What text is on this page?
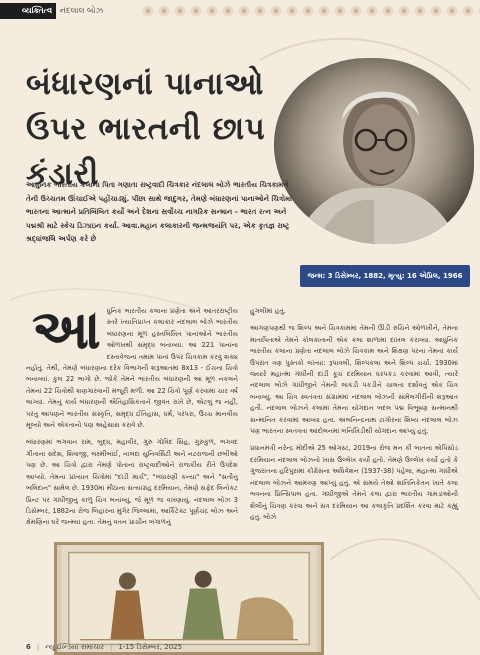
વ્યક્તિત્વ નંદલાલ બોઝ
બંધારણનાં પાનાઓ
ઉપર ભારતની છાપ
કંડારી
જન્મ: 3 ડિસેમ્બર, 1882, મૃત્યુ: 16 એપ્રિલ, 1966

આધુનિક ભારતીય કલાના પિતા ગણાતા રાષ્ટ્રવાદી ચિત્રકાર નંદલાલ બોઝે ભારતીય ચિત્રકામને તેની ઉચ્ચતમ ઊંચાઈએ પહોંચાડ્યું. પીંછા સાથે જાદુગર, તેમણે બંધારણનાં પાનાઓને ચિત્રોમાં ભારતના આત્માને પ્રતિબિંબિત કર્યો અને દેશના સર્વોચ્ચ નાગરિક સન્માન - ભારત રત્ન અને પદ્મશ્રી માટે સ્કેચ ડિઝાઇન કર્યા. આવા.મહાન કલાકારની જન્મજયંતિ પર, એક કૃતજ્ઞ રાષ્ટ્ર શ્રદ્ધાંજલિ અર્પણ કરે છે

આ ધુનિક ભારતીય કલાના પ્રણેતા અને આંતરરાષ્ટ્રીય સ્તરે ખ્યાતિપ્રાપ્ત કલાકાર નંદલાલ બોઝે ભારતીય બંધારણના મૂળ હસ્તલિખિત પાનાંઓને ભારતીય ઓળખથી સમૃદ્ધ બનાવ્યા. આ 221 પાનાંના દસ્તાવેજના તમામ પાનાં ઉપર ચિત્રકામ કરવું શક્ય નહોતું. તેથી, તેમણે બંધારણના દરેક વિભાગની શરૂઆતમાં 8x13 - ઈંચના ચિત્રો બનાવ્યાં. કુલ 22 ભાગો છે. જોકે તેમને ભારતીય બંધારણની આ મૂળ નકલને તેમનાં 22 ચિત્રોથી શણગારવાની મંજૂરી મળી. આ 22 ચિત્રો પૂર્ણ કરવામાં ચાર વર્ષ લાગ્યાં. તેમનું કાર્ય બંધારણની ઐતિહાસિકતાને જીવંત રાખે છે, એટલું જ નહીં, પરંતુ આપણને ભારતીય સંસ્કૃતિ, સમૃદ્ધ ઈતિહાસ, ધર્મ, પરંપરા, ઉચ્ચ માનવીય મૂલ્યો અને એકતાનો પણ અહેસાસ કરાવે છે.

બંધારણમાં ભગવાન રામ, બુદ્ધ, મહાવીર, ગુરુ ગોવિંદ સિંહ, ગુરુકુળ, ભગવદ ગીતાના સંદેશ, શિવાજી, લક્ષ્મીબાઈ, નાલંદા યુનિવર્સિટી અને નટરાજની છબીઓ પણ છે. આ ચિત્રો દ્વારા તેમણે પોતાના રાષ્ટ્રવાદીઓને રાજકીય રીતે ઉપદેશ આપ્યો. તેમના પ્રખ્યાત ચિત્રોમાં "દાંડી માર્ચ", "બંધારણી કન્યા" અને "સતીનું બલિદાન" સામેલ છે. 1930માં મીઠાના સત્યાગ્રહ દરમિયાન, તેમણે સફેદ લિનોકટ પ્રિન્ટ પર ગાંધીજીનું કાળું ચિત્ર બનાવ્યું, જે મૂળ જ વખણાયું. નંદલાલ બોઝ 3 ડિસેમ્બર, 1882ના રોજ બિહારના મુંગેર જિલ્લામાં, આર્કિટેક્ટ પૂર્ણચંદ્ર બોઝ અને ક્ષેમણિના ઘરે જન્મ્યા હતા. તેમનું વતન પ્રાચીન બંગાળનું

હુગલીમાં હતું.

આગણપણથી જ શિલ્પ અને ચિત્રકામમાં તેમની ઊંડી રુચિને ઓળખીને, તેમના માતાપિતાએ તેમને કોલકાતાની એક કલા શાળામાં દાખલ કરાવ્યા. આધુનિક ભારતીય કલાના પ્રણેતા નંદલાલ બોઝે ચિત્રકામ અને શિક્ષણ પરના તેમનાં કાર્ય ઉપરાંત ત્રણ પુસ્તકો લખ્યાં: રૂપાવલી, શિલ્પકલા અને શિલ્પ ચર્ચા. 1930માં જ્યારે મહાત્મા ગાંધીની દાંડી કૂચ દરમિયાન ધરપકડ કરવામાં આવી, ત્યારે નંદલાલ બોઝે ગાંધીજીને તેમની લાકડી પકડીને ચાલતા દર્શાવતું એક ચિત્ર બનાવ્યું. આ ચિત્ર સ્વતંત્રતા સંગ્રામમાં નંદલાલ બોઝની સામેલગીરીની શરૂઆત હતી. નંદલાલ બોઝને કલામાં તેમના યોગદાન બદલ પદ્મ વિભૂષણ સન્માનથી સન્માનિત કરવામાં આવ્યા હતા. અબનિન્દ્રનાથ ટાગોરના શિષ્ય નંદલાલ બોઝ પણ ભારતના સ્વતંત્રતા આંદોલનમાં બનિખિડીથી યોગદાન આપ્યું હતું.

પ્રધાનમંત્રી નરેન્દ્ર મોદીએ 25 ઓગસ્ટ, 2019ના રોજ મન કી બાતના એપિસોડ દરમિયાન નંદલાલ બોઝનો ખાસ ઉલ્લેખ કર્યો હતો. તેમણે ઉલ્લેખ કર્યો હતો કે ગુજરાતના હરિપુરામાં કોંગ્રેસના અધિવેશન (1937-38) પહેલા, મહાત્મા ગાંધીએ નંદલાલ બોઝને આમંત્રણ આપ્યું હતું. એ સમયે તેઓ શાંતિનિકેતન ખાતે કલા ભવનના પ્રિન્સિપાલ હતા. ગાંધીજીએ તેમને કલા દ્વારા ભારતીય ગામડાંઓની શૈલીનું ચિત્રણ કરવા અને સત્ર દરમિયાન આ કલાકૃતિ પ્રદર્શિત કરવા માટે કહ્યું હતું. બોઝે

6 | ન્યૂ ઈન્ડિયા સમાચાર | 1-15 ડિસેમ્બર, 2025
